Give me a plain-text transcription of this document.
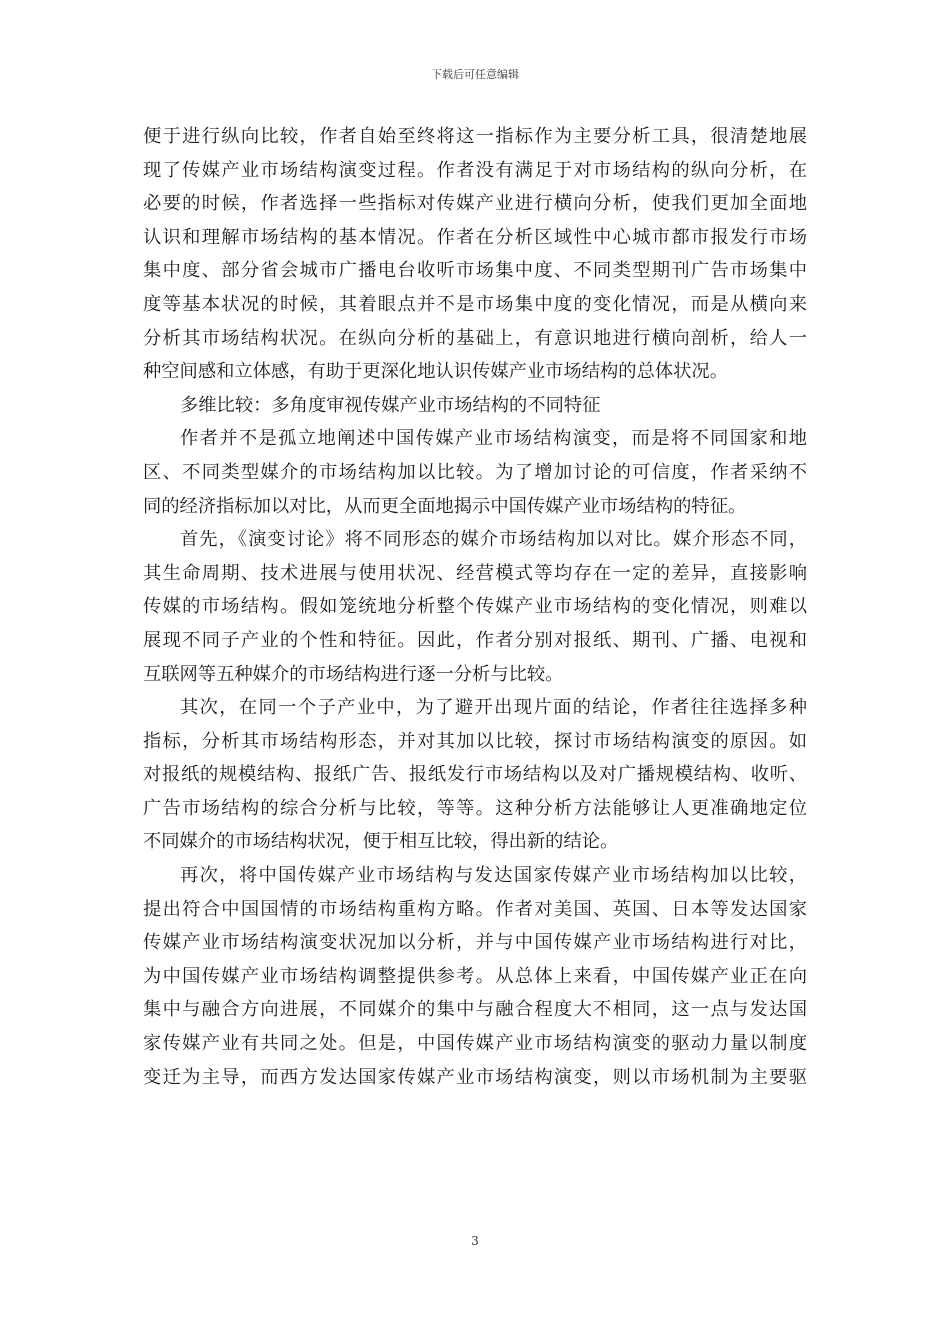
下载后可任意编辑
便于进行纵向比较，作者自始至终将这一指标作为主要分析工具，很清楚地展
现了传媒产业市场结构演变过程。作者没有满足于对市场结构的纵向分析，在
必要的时候，作者选择一些指标对传媒产业进行横向分析，使我们更加全面地
认识和理解市场结构的基本情况。作者在分析区域性中心城市都市报发行市场
集中度、部分省会城市广播电台收听市场集中度、不同类型期刊广告市场集中
度等基本状况的时候，其着眼点并不是市场集中度的变化情况，而是从横向来
分析其市场结构状况。在纵向分析的基础上，有意识地进行横向剖析，给人一
种空间感和立体感，有助于更深化地认识传媒产业市场结构的总体状况。
多维比较：多角度审视传媒产业市场结构的不同特征
作者并不是孤立地阐述中国传媒产业市场结构演变，而是将不同国家和地
区、不同类型媒介的市场结构加以比较。为了增加讨论的可信度，作者采纳不
同的经济指标加以对比，从而更全面地揭示中国传媒产业市场结构的特征。
首先，《演变讨论》将不同形态的媒介市场结构加以对比。媒介形态不同，
其生命周期、技术进展与使用状况、经营模式等均存在一定的差异，直接影响
传媒的市场结构。假如笼统地分析整个传媒产业市场结构的变化情况，则难以
展现不同子产业的个性和特征。因此，作者分别对报纸、期刊、广播、电视和
互联网等五种媒介的市场结构进行逐一分析与比较。
其次，在同一个子产业中，为了避开出现片面的结论，作者往往选择多种
指标，分析其市场结构形态，并对其加以比较，探讨市场结构演变的原因。如
对报纸的规模结构、报纸广告、报纸发行市场结构以及对广播规模结构、收听、
广告市场结构的综合分析与比较，等等。这种分析方法能够让人更准确地定位
不同媒介的市场结构状况，便于相互比较，得出新的结论。
再次，将中国传媒产业市场结构与发达国家传媒产业市场结构加以比较，
提出符合中国国情的市场结构重构方略。作者对美国、英国、日本等发达国家
传媒产业市场结构演变状况加以分析，并与中国传媒产业市场结构进行对比，
为中国传媒产业市场结构调整提供参考。从总体上来看，中国传媒产业正在向
集中与融合方向进展，不同媒介的集中与融合程度大不相同，这一点与发达国
家传媒产业有共同之处。但是，中国传媒产业市场结构演变的驱动力量以制度
变迁为主导，而西方发达国家传媒产业市场结构演变，则以市场机制为主要驱
3
